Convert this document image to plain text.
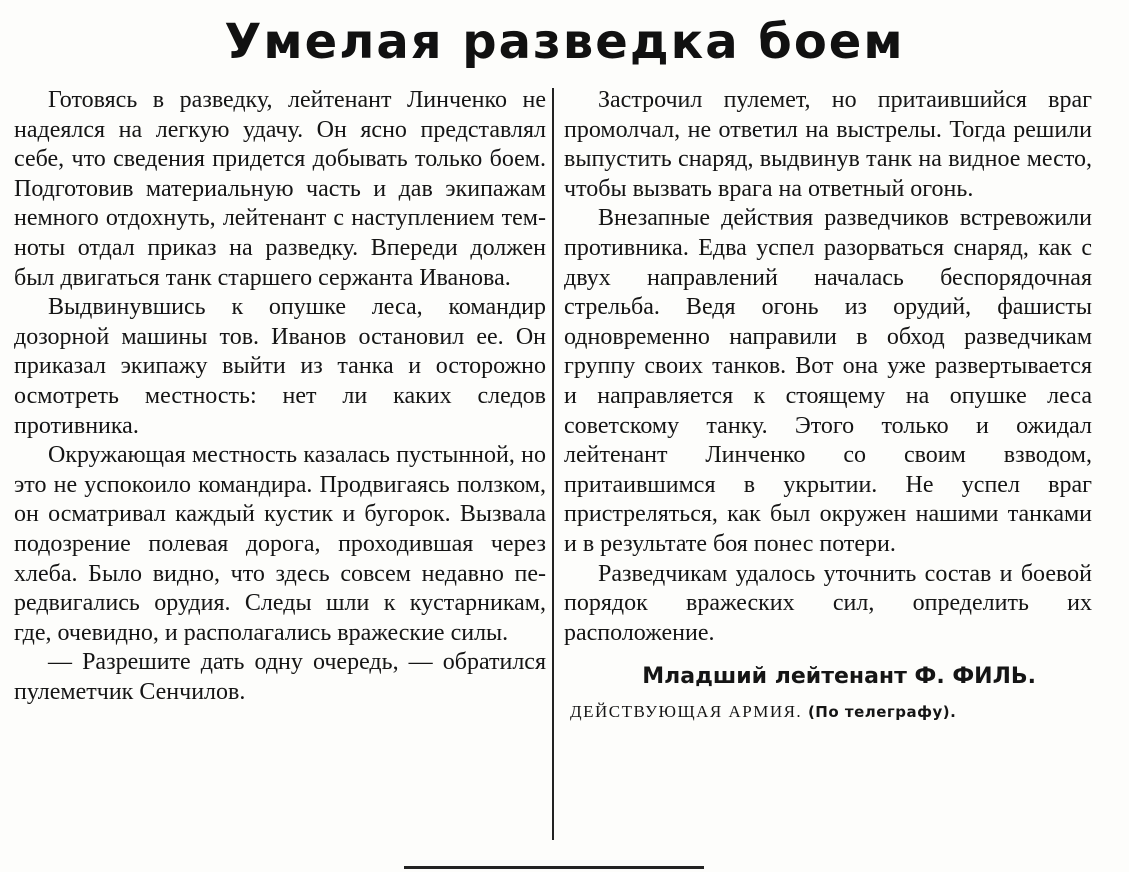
Умелая разведка боем

Готовясь в разведку, лейтенант Линченко не надеялся на легкую удачу. Он ясно представлял себе, что сведения придется добывать только боем. Подготовив материальную часть и дав экипажам немного отдохнуть, лейтенант с наступлением темноты отдал приказ на разведку. Впереди должен был двигаться танк старшего сержанта Иванова.

Выдвинувшись к опушке леса, командир дозорной машины тов. Иванов остановил ее. Он приказал экипажу выйти из танка и осторожно осмотреть местность: нет ли каких следов противника.

Окружающая местность казалась пустынной, но это не успокоило командира. Продвигаясь ползком, он осматривал каждый кустик и бугорок. Вызвала подозрение полевая дорога, проходившая через хлеба. Было видно, что здесь совсем недавно передвигались орудия. Следы шли к кустарникам, где, очевидно, и располагались вражеские силы.

— Разрешите дать одну очередь, — обратился пулеметчик Сенчилов.

Застрочил пулемет, но притаившийся враг промолчал, не ответил на выстрелы. Тогда решили выпустить снаряд, выдвинув танк на видное место, чтобы вызвать врага на ответный огонь.

Внезапные действия разведчиков встревожили противника. Едва успел разорваться снаряд, как с двух направлений началась беспорядочная стрельба. Ведя огонь из орудий, фашисты одновременно направили в обход разведчикам группу своих танков. Вот она уже развертывается и направляется к стоящему на опушке леса советскому танку. Этого только и ожидал лейтенант Линченко со своим взводом, притаившимся в укрытии. Не успел враг пристреляться, как был окружен нашими танками и в результате боя понес потери.

Разведчикам удалось уточнить состав и боевой порядок вражеских сил, определить их расположение.

Младший лейтенант Ф. ФИЛЬ.

ДЕЙСТВУЮЩАЯ АРМИЯ. (По телеграфу).
